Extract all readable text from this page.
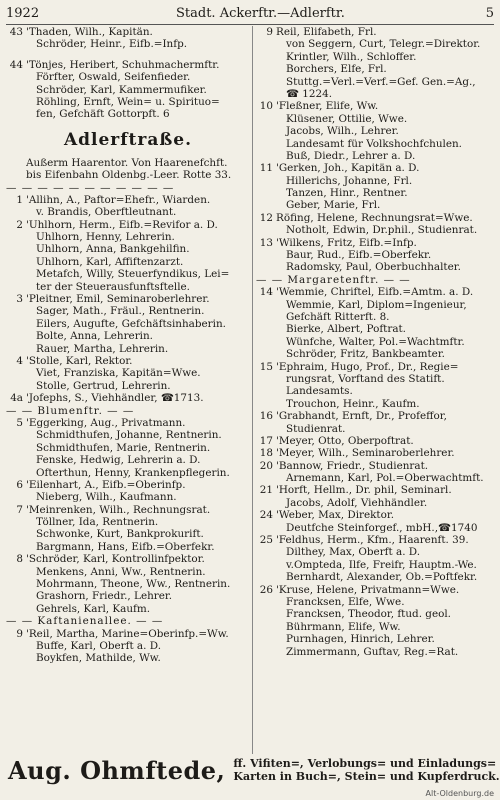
1922	Stadt. Ackerftr.—Adlerftr.	5
43 'Thaden, Wilh., Kapitän.
Schröder, Heinr., Eifb.=Infp.
44 'Tönjes, Heribert, Schuhmachermftr.
Förfter, Oswald, Seifenfieder.
Schröder, Karl, Kammermufiker.
Röhling, Ernft, Wein= u. Spirituo=
fen, Gefchäft Gottorpft. 6
Adlerftraße.
Außerm Haarentor. Von Haarenefchft.
bis Eifenbahn Oldenbg.-Leer. Rotte 33.
— — — — — — — — — — —
1 'Allihn, A., Paftor=Ehefr., Wiarden.
v. Brandis, Oberftleutnant.
2 'Uhlhorn, Herm., Eifb.=Revifor a. D.
Uhlhorn, Henny, Lehrerin.
Uhlhorn, Anna, Bankgehilfin.
Uhlhorn, Karl, Affiftenzarzt.
Metafch, Willy, Steuerfyndikus, Lei=
ter der Steuerausfunftsftelle.
3 'Pleitner, Emil, Seminaroberlehrer.
Sager, Math., Fräul., Rentnerin.
Eilers, Augufte, Gefchäftsinhaberin.
Bolte, Anna, Lehrerin.
Rauer, Martha, Lehrerin.
4 'Stolle, Karl, Rektor.
Viet, Franziska, Kapitän=Wwe.
Stolle, Gertrud, Lehrerin.
4a 'Jofephs, S., Viehhändler, ☎1713.
— — Blumenftr. — —
5 'Eggerking, Aug., Privatmann.
Schmidthufen, Johanne, Rentnerin.
Schmidthufen, Marie, Rentnerin.
Fenske, Hedwig, Lehrerin a. D.
Ofterthun, Henny, Krankenpflegerin.
6 'Eilenhart, A., Eifb.=Oberinfp.
Nieberg, Wilh., Kaufmann.
7 'Meinrenken, Wilh., Rechnungsrat.
Töllner, Ida, Rentnerin.
Schwonke, Kurt, Bankprokurift.
Bargmann, Hans, Eifb.=Oberfekr.
8 'Schröder, Karl, Kontrollinfpektor.
Menkens, Anni, Ww., Rentnerin.
Mohrmann, Theone, Ww., Rentnerin.
Grashorn, Friedr., Lehrer.
Gehrels, Karl, Kaufm.
— — Kaftanienallee. — —
9 'Reil, Martha, Marine=Oberinfp.=Ww.
Buffe, Karl, Oberft a. D.
Boykfen, Mathilde, Ww.
9 Reil, Elifabeth, Frl.
von Seggern, Curt, Telegr.=Direktor.
Krintler, Wilh., Schloffer.
Borchers, Elfe, Frl.
Stuttg.=Verl.=Verf.=Gef. Gen.=Ag.,
☎ 1224.
10 'Fleßner, Elife, Ww.
Klüsener, Ottilie, Wwe.
Jacobs, Wilh., Lehrer.
Landesamt für Volkshochfchulen.
Buß, Diedr., Lehrer a. D.
11 'Gerken, Joh., Kapitän a. D.
Hillerichs, Johanne, Frl.
Tanzen, Hinr., Rentner.
Geber, Marie, Frl.
12 Röfing, Helene, Rechnungsrat=Wwe.
Notholt, Edwin, Dr.phil., Studienrat.
13 'Wilkens, Fritz, Eifb.=Infp.
Baur, Rud., Eifb.=Oberfekr.
Radomsky, Paul, Oberbuchhalter.
— — Margaretenftr. — —
14 'Wemmie, Chriftel, Eifb.=Amtm. a. D.
Wemmie, Karl, Diplom=Ingenieur,
Gefchäft Ritterft. 8.
Bierke, Albert, Poftrat.
Wünfche, Walter, Pol.=Wachtmftr.
Schröder, Fritz, Bankbeamter.
15 'Ephraim, Hugo, Prof., Dr., Regie=
rungsrat, Vorftand des Statift.
Landesamts.
Trouchon, Heinr., Kaufm.
16 'Grabhandt, Ernft, Dr., Profeffor,
Studienrat.
17 'Meyer, Otto, Oberpoftrat.
18 'Meyer, Wilh., Seminaroberlehrer.
20 'Bannow, Friedr., Studienrat.
Arnemann, Karl, Pol.=Oberwachtmft.
21 'Horft, Hellm., Dr. phil, Seminarl.
Jacobs, Adolf, Viehhändler.
24 'Weber, Max, Direktor.
Deutfche Steinforgef., mbH.,☎1740
25 'Feldhus, Herm., Kfm., Haarenft. 39.
Dilthey, Max, Oberft a. D.
v.Ompteda, Ilfe, Freifr, Hauptm.-We.
Bernhardt, Alexander, Ob.=Poftfekr.
26 'Kruse, Helene, Privatmann=Wwe.
Francksen, Elfe, Wwe.
Francksen, Theodor, ftud. geol.
Bührmann, Elife, Ww.
Purnhagen, Hinrich, Lehrer.
Zimmermann, Guftav, Reg.=Rat.
Aug. Ohmftede, ff. Vifiten=, Verlobungs= und Einladungs=
Karten in Buch=, Stein= und Kupferdruck.
Alt-Oldenburg.de
